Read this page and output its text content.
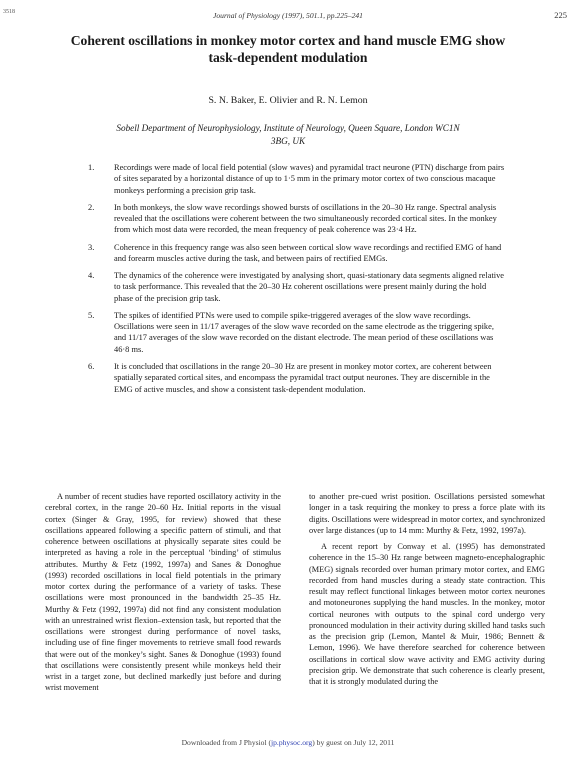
3518	Journal of Physiology (1997), 501.1, pp.225–241	225
Coherent oscillations in monkey motor cortex and hand muscle EMG show task-dependent modulation
S. N. Baker, E. Olivier and R. N. Lemon
Sobell Department of Neurophysiology, Institute of Neurology, Queen Square, London WC1N 3BG, UK
1. Recordings were made of local field potential (slow waves) and pyramidal tract neurone (PTN) discharge from pairs of sites separated by a horizontal distance of up to 1·5 mm in the primary motor cortex of two conscious macaque monkeys performing a precision grip task.
2. In both monkeys, the slow wave recordings showed bursts of oscillations in the 20–30 Hz range. Spectral analysis revealed that the oscillations were coherent between the two simultaneously recorded cortical sites. In the monkey from which most data were recorded, the mean frequency of peak coherence was 23·4 Hz.
3. Coherence in this frequency range was also seen between cortical slow wave recordings and rectified EMG of hand and forearm muscles active during the task, and between pairs of rectified EMGs.
4. The dynamics of the coherence were investigated by analysing short, quasi-stationary data segments aligned relative to task performance. This revealed that the 20–30 Hz coherent oscillations were present mainly during the hold phase of the precision grip task.
5. The spikes of identified PTNs were used to compile spike-triggered averages of the slow wave recordings. Oscillations were seen in 11/17 averages of the slow wave recorded on the same electrode as the triggering spike, and 11/17 averages of the slow wave recorded on the distant electrode. The mean period of these oscillations was 46·8 ms.
6. It is concluded that oscillations in the range 20–30 Hz are present in monkey motor cortex, are coherent between spatially separated cortical sites, and encompass the pyramidal tract output neurones. They are discernible in the EMG of active muscles, and show a consistent task-dependent modulation.

A number of recent studies have reported oscillatory activity in the cerebral cortex, in the range 20–60 Hz. Initial reports in the visual cortex (Singer & Gray, 1995, for review) showed that these oscillations appeared following a specific pattern of stimuli, and that coherence between oscillations at physically separate sites could be interpreted as having a role in the perceptual ‘binding’ of stimulus attributes. Murthy & Fetz (1992, 1997a) and Sanes & Donoghue (1993) recorded oscillations in local field potentials in the primary motor cortex during the performance of a variety of tasks. These oscillations were most pronounced in the bandwidth 25–35 Hz. Murthy & Fetz (1992, 1997a) did not find any consistent modulation with an unrestrained wrist flexion–extension task, but reported that the oscillations were strongest during performance of novel tasks, including use of fine finger movements to retrieve small food rewards that were out of the monkey’s sight. Sanes & Donoghue (1993) found that oscillations were consistently present while monkeys held their wrist in a target zone, but declined markedly just before and during wrist movement

to another pre-cued wrist position. Oscillations persisted somewhat longer in a task requiring the monkey to press a force plate with its digits. Oscillations were widespread in motor cortex, and synchronized over large distances (up to 14 mm: Murthy & Fetz, 1992, 1997a).

A recent report by Conway et al. (1995) has demonstrated coherence in the 15–30 Hz range between magneto-encephalographic (MEG) signals recorded over human primary motor cortex, and EMG recorded from hand muscles during a steady state contraction. This result may reflect functional linkages between motor cortex neurones and motoneurones supplying the hand muscles. In the monkey, motor cortical neurones with outputs to the spinal cord undergo very pronounced modulation in their activity during skilled hand tasks such as the precision grip (Lemon, Mantel & Muir, 1986; Bennett & Lemon, 1996). We have therefore searched for coherence between oscillations in cortical slow wave activity and EMG activity during precision grip. We demonstrate that such coherence is clearly present, that it is strongly modulated during the

Downloaded from J Physiol (jp.physoc.org) by guest on July 12, 2011
